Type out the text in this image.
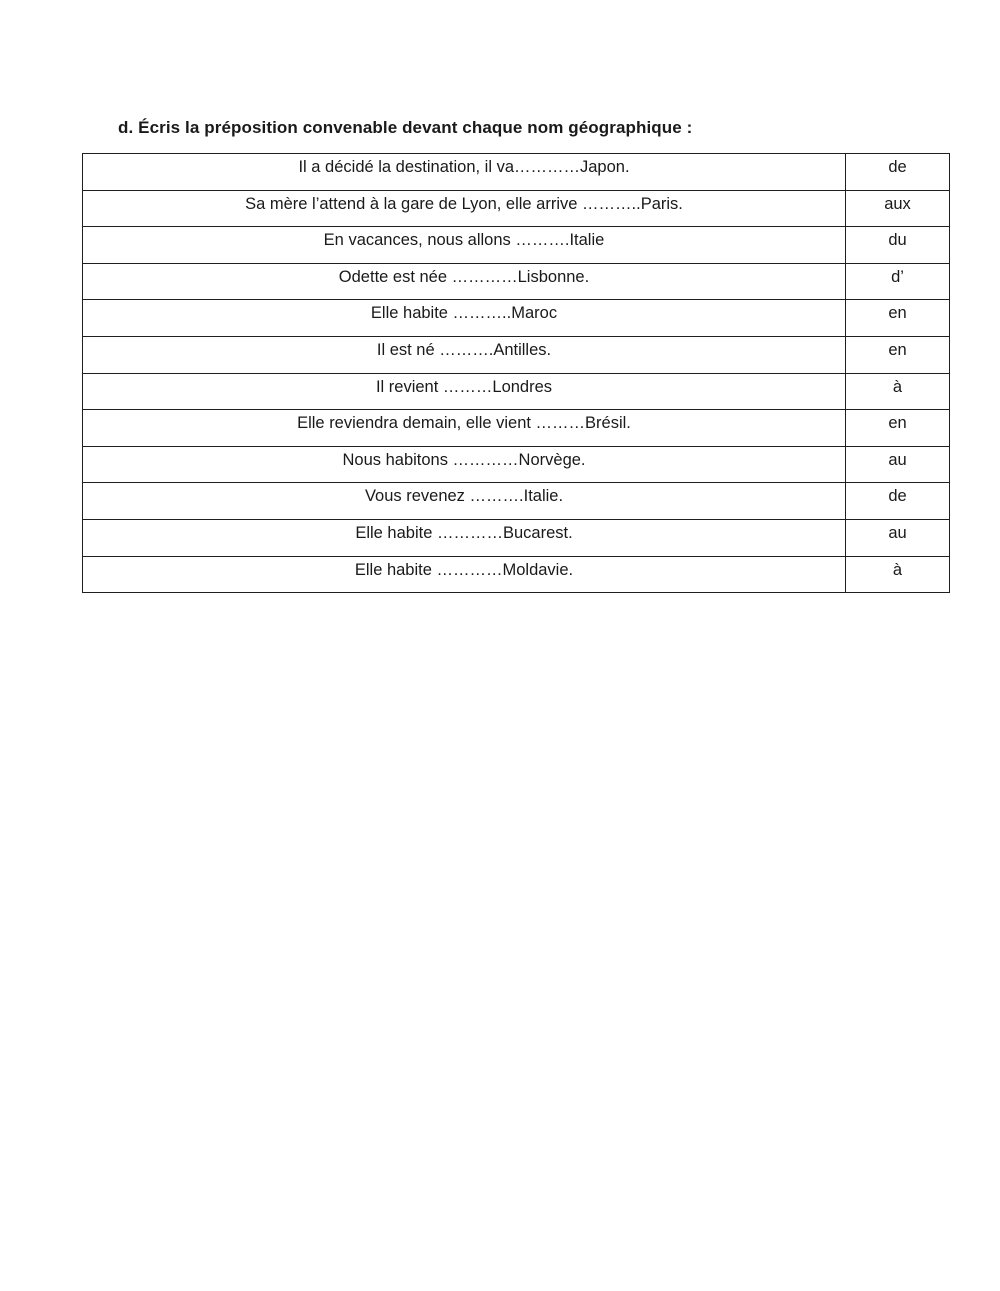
d. Écris la préposition convenable devant chaque nom géographique :
Il a décidé la destination, il va…………Japon.	de
Sa mère l’attend à la gare de Lyon, elle arrive ………..Paris.	aux
En vacances, nous allons ……….Italie	du
Odette est née …………Lisbonne.	d’
Elle habite ………..Maroc	en
Il est né ……….Antilles.	en
Il revient ………Londres	à
Elle reviendra demain, elle vient ………Brésil.	en
Nous habitons …………Norvège.	au
Vous revenez ……….Italie.	de
Elle habite …………Bucarest.	au
Elle habite …………Moldavie.	à
